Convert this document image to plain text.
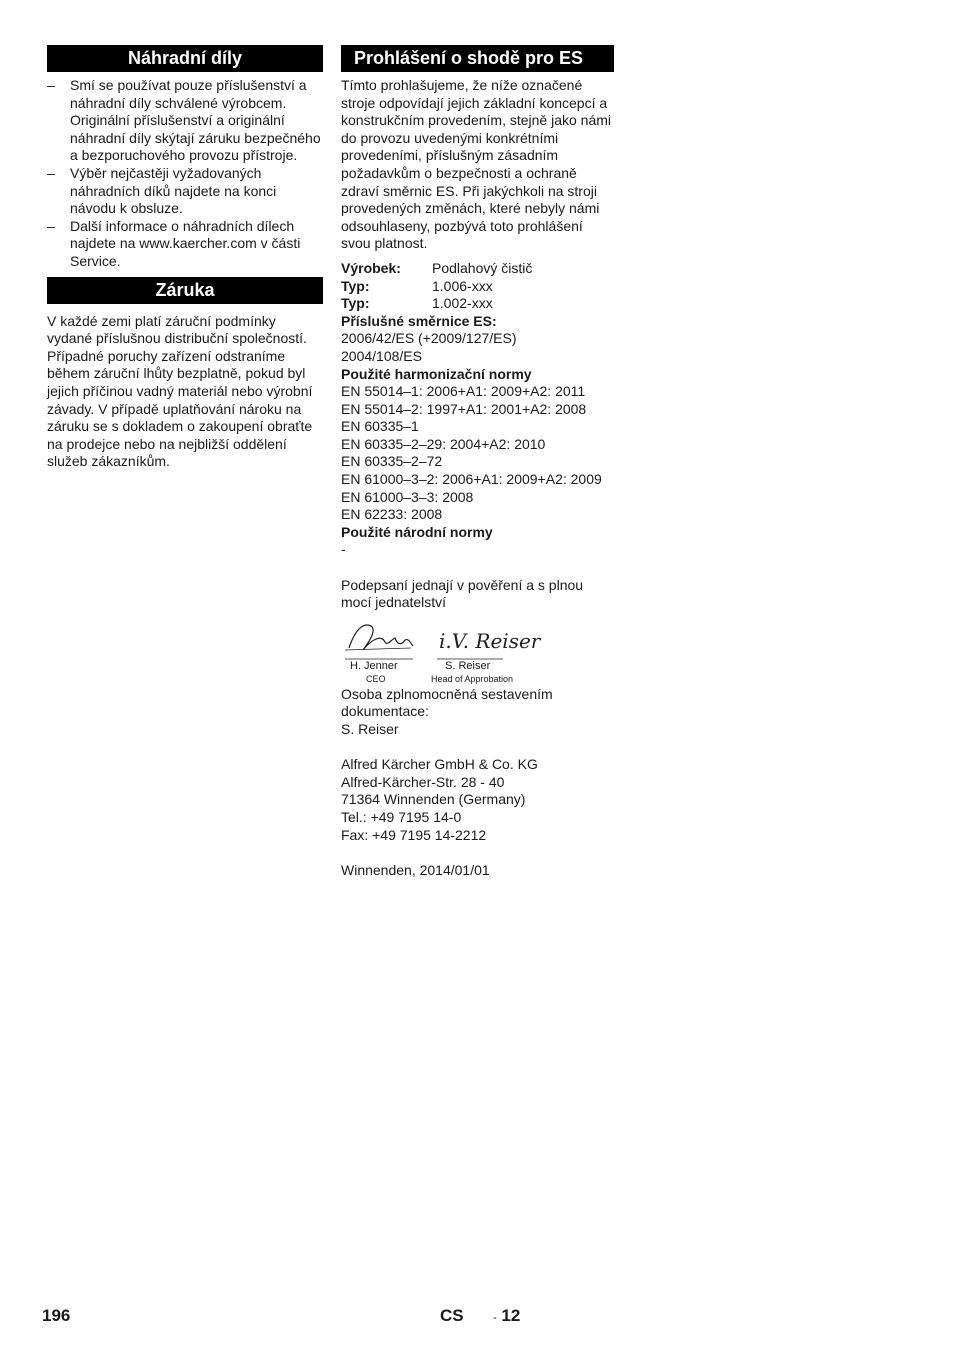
Náhradní díly
– Smí se používat pouze příslušenství a náhradní díly schválené výrobcem. Originální příslušenství a originální náhradní díly skýtají záruku bezpečného a bezporuchového provozu přístroje.
– Výběr nejčastěji vyžadovaných náhradních díků najdete na konci návodu k obsluze.
– Další informace o náhradních dílech najdete na www.kaercher.com v části Service.
Záruka

V každé zemi platí záruční podmínky vydané příslušnou distribuční společností. Případné poruchy zařízení odstraníme během záruční lhůty bezplatně, pokud byl jejich příčinou vadný materiál nebo výrobní závady. V případě uplatňování nároku na záruku se s dokladem o zakoupení obraťte na prodejce nebo na nejbližší oddělení služeb zákazníkům.

Prohlášení o shodě pro ES

Tímto prohlašujeme, že níže označené stroje odpovídají jejich základní koncepcí a konstrukčním provedením, stejně jako námi do provozu uvedenými konkrétními provedeními, příslušným zásadním požadavkům o bezpečnosti a ochraně zdraví směrnic ES. Při jakýchkoli na stroji provedených změnách, které nebyly námi odsouhlaseny, pozbývá toto prohlášení svou platnost.

Výrobek:	Podlahový čistič
Typ:	1.006-xxx
Typ:	1.002-xxx
Příslušné směrnice ES:
2006/42/ES (+2009/127/ES)
2004/108/ES
Použité harmonizační normy
EN 55014–1: 2006+A1: 2009+A2: 2011
EN 55014–2: 1997+A1: 2001+A2: 2008
EN 60335–1
EN 60335–2–29: 2004+A2: 2010
EN 60335–2–72
EN 61000–3–2: 2006+A1: 2009+A2: 2009
EN 61000–3–3: 2008
EN 62233: 2008
Použité národní normy
-

Podepsaní jednají v pověření a s plnou mocí jednatelství

i.V. Reiser
H. Jenner
CEO
S. Reiser
Head of Approbation

Osoba zplnomocněná sestavením dokumentace:

S. Reiser

Alfred Kärcher GmbH & Co. KG
Alfred-Kärcher-Str. 28 - 40
71364 Winnenden (Germany)
Tel.: +49 7195 14-0
Fax: +49 7195 14-2212

Winnenden, 2014/01/01

196	CS	- 12
